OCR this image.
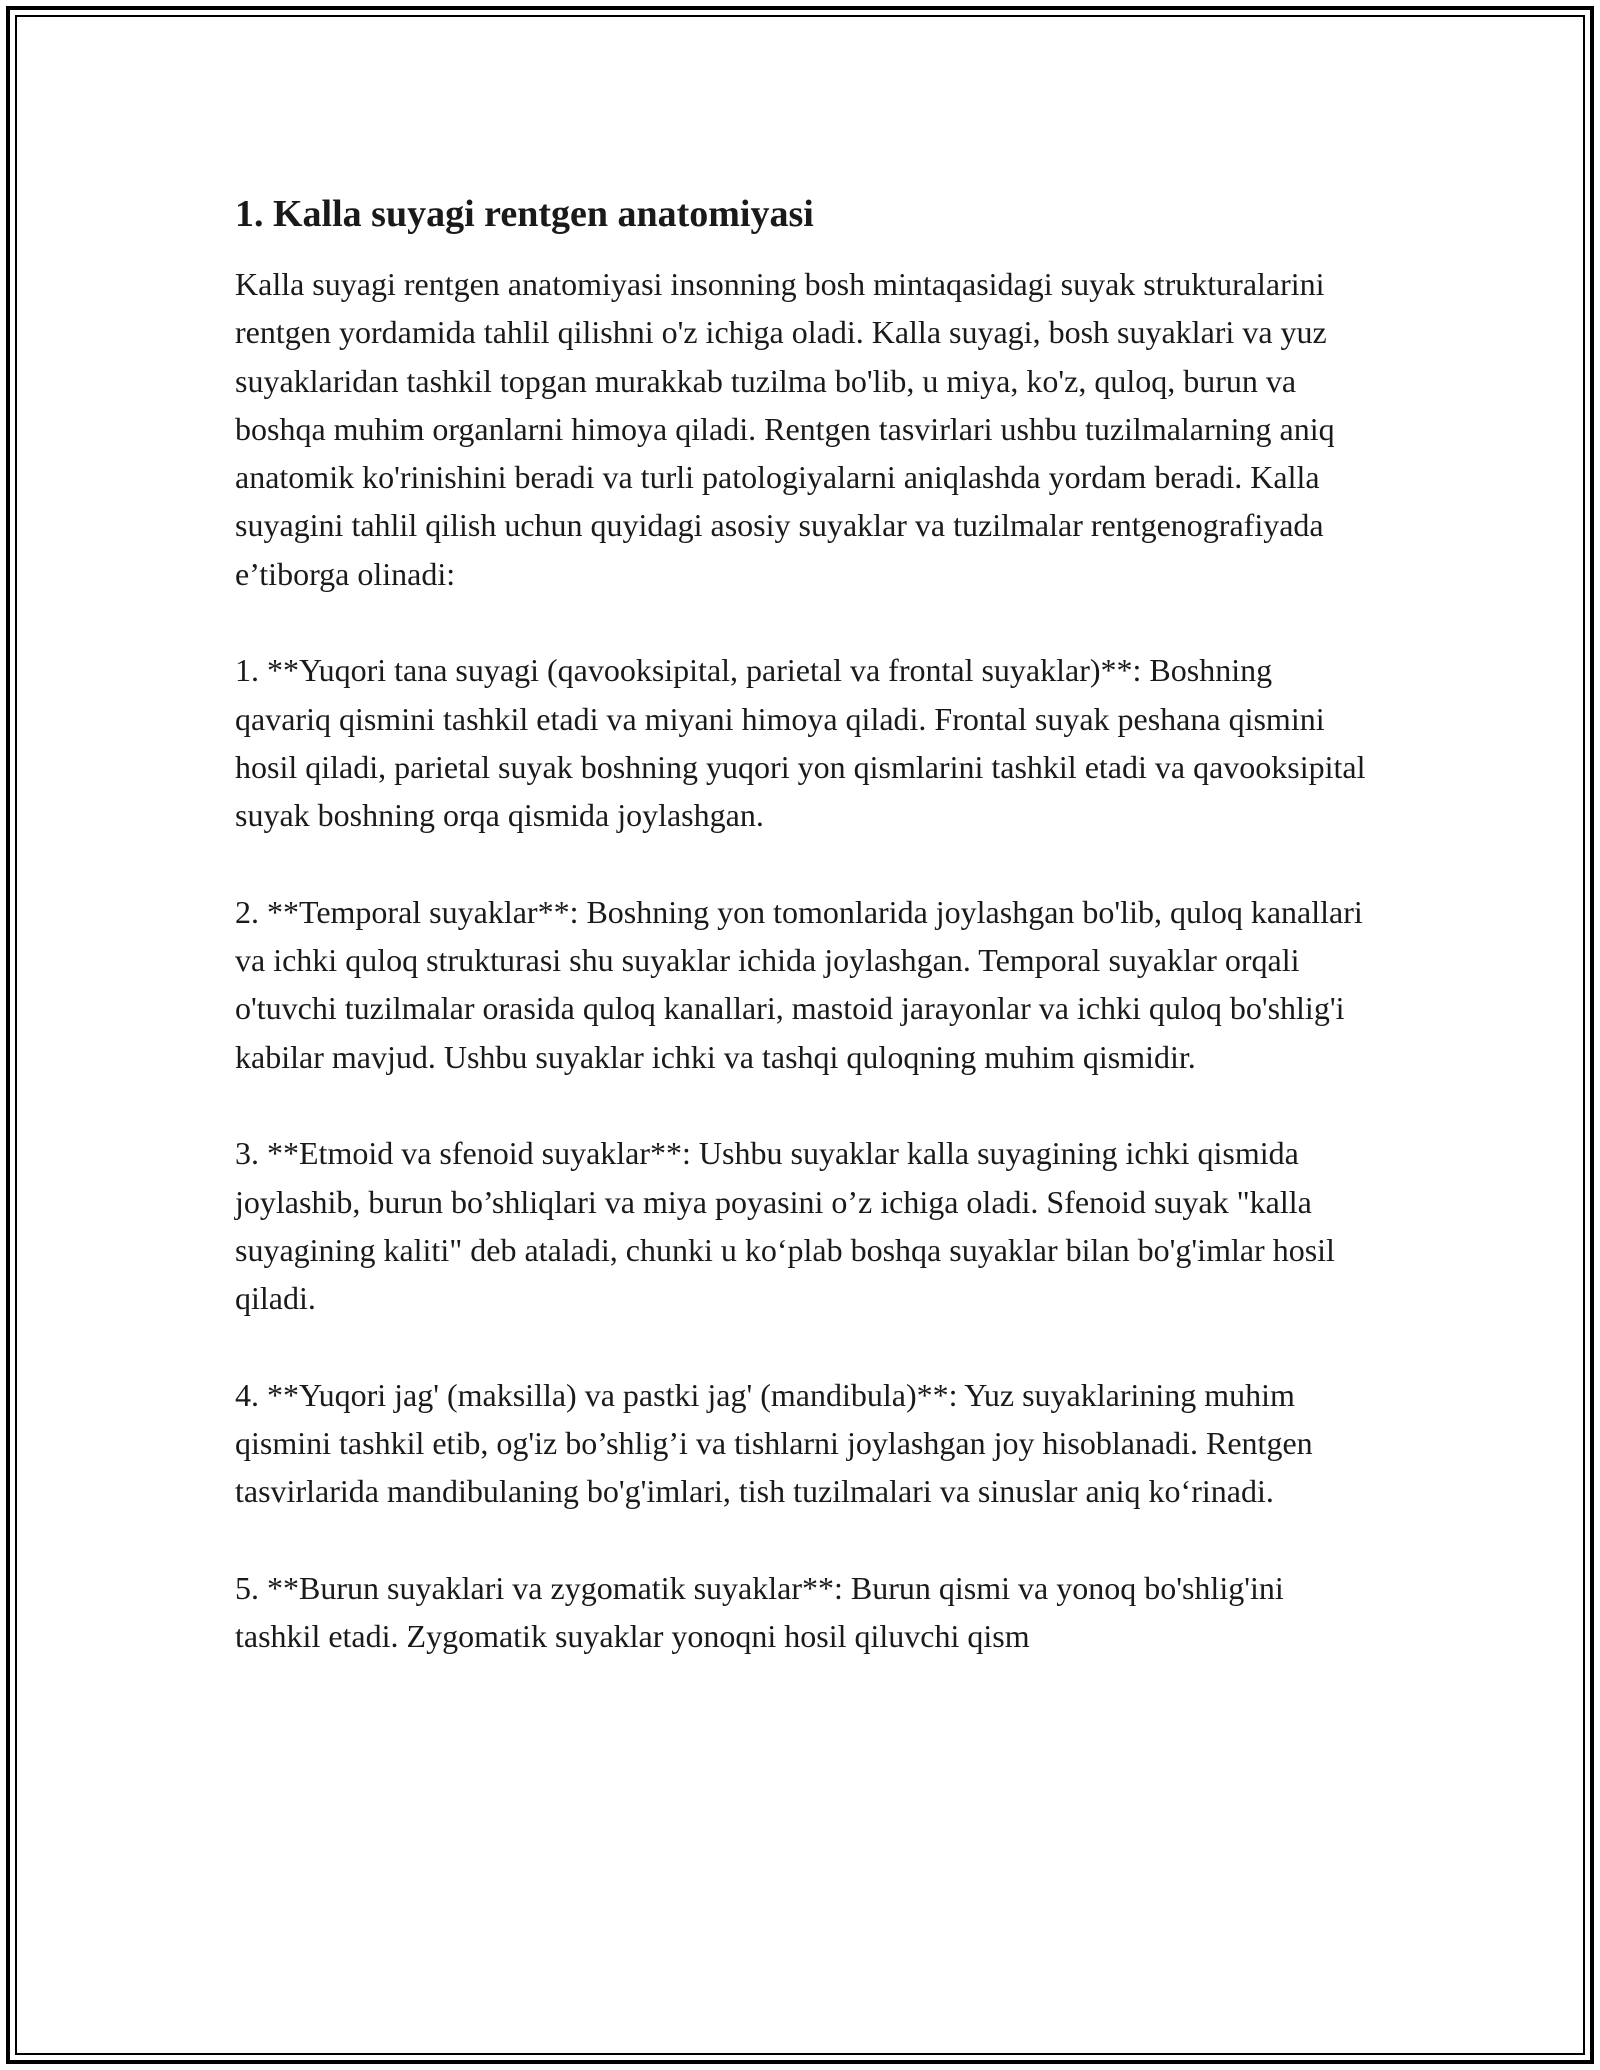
1. Kalla suyagi rentgen anatomiyasi

Kalla suyagi rentgen anatomiyasi insonning bosh mintaqasidagi suyak strukturalarini rentgen yordamida tahlil qilishni o'z ichiga oladi. Kalla suyagi, bosh suyaklari va yuz suyaklaridan tashkil topgan murakkab tuzilma bo'lib, u miya, ko'z, quloq, burun va boshqa muhim organlarni himoya qiladi. Rentgen tasvirlari ushbu tuzilmalarning aniq anatomik ko'rinishini beradi va turli patologiyalarni aniqlashda yordam beradi. Kalla suyagini tahlil qilish uchun quyidagi asosiy suyaklar va tuzilmalar rentgenografiyada e’tiborga olinadi:

1. **Yuqori tana suyagi (qavooksipital, parietal va frontal suyaklar)**: Boshning qavariq qismini tashkil etadi va miyani himoya qiladi. Frontal suyak peshana qismini hosil qiladi, parietal suyak boshning yuqori yon qismlarini tashkil etadi va qavooksipital suyak boshning orqa qismida joylashgan.

2. **Temporal suyaklar**: Boshning yon tomonlarida joylashgan bo'lib, quloq kanallari va ichki quloq strukturasi shu suyaklar ichida joylashgan. Temporal suyaklar orqali o'tuvchi tuzilmalar orasida quloq kanallari, mastoid jarayonlar va ichki quloq bo'shlig'i kabilar mavjud. Ushbu suyaklar ichki va tashqi quloqning muhim qismidir.

3. **Etmoid va sfenoid suyaklar**: Ushbu suyaklar kalla suyagining ichki qismida joylashib, burun bo’shliqlari va miya poyasini o’z ichiga oladi. Sfenoid suyak "kalla suyagining kaliti" deb ataladi, chunki u ko‘plab boshqa suyaklar bilan bo'g'imlar hosil qiladi.

4. **Yuqori jag' (maksilla) va pastki jag' (mandibula)**: Yuz suyaklarining muhim qismini tashkil etib, og'iz bo’shlig’i va tishlarni joylashgan joy hisoblanadi. Rentgen tasvirlarida mandibulaning bo'g'imlari, tish tuzilmalari va sinuslar aniq ko‘rinadi.

5. **Burun suyaklari va zygomatik suyaklar**: Burun qismi va yonoq bo'shlig'ini tashkil etadi. Zygomatik suyaklar yonoqni hosil qiluvchi qism
